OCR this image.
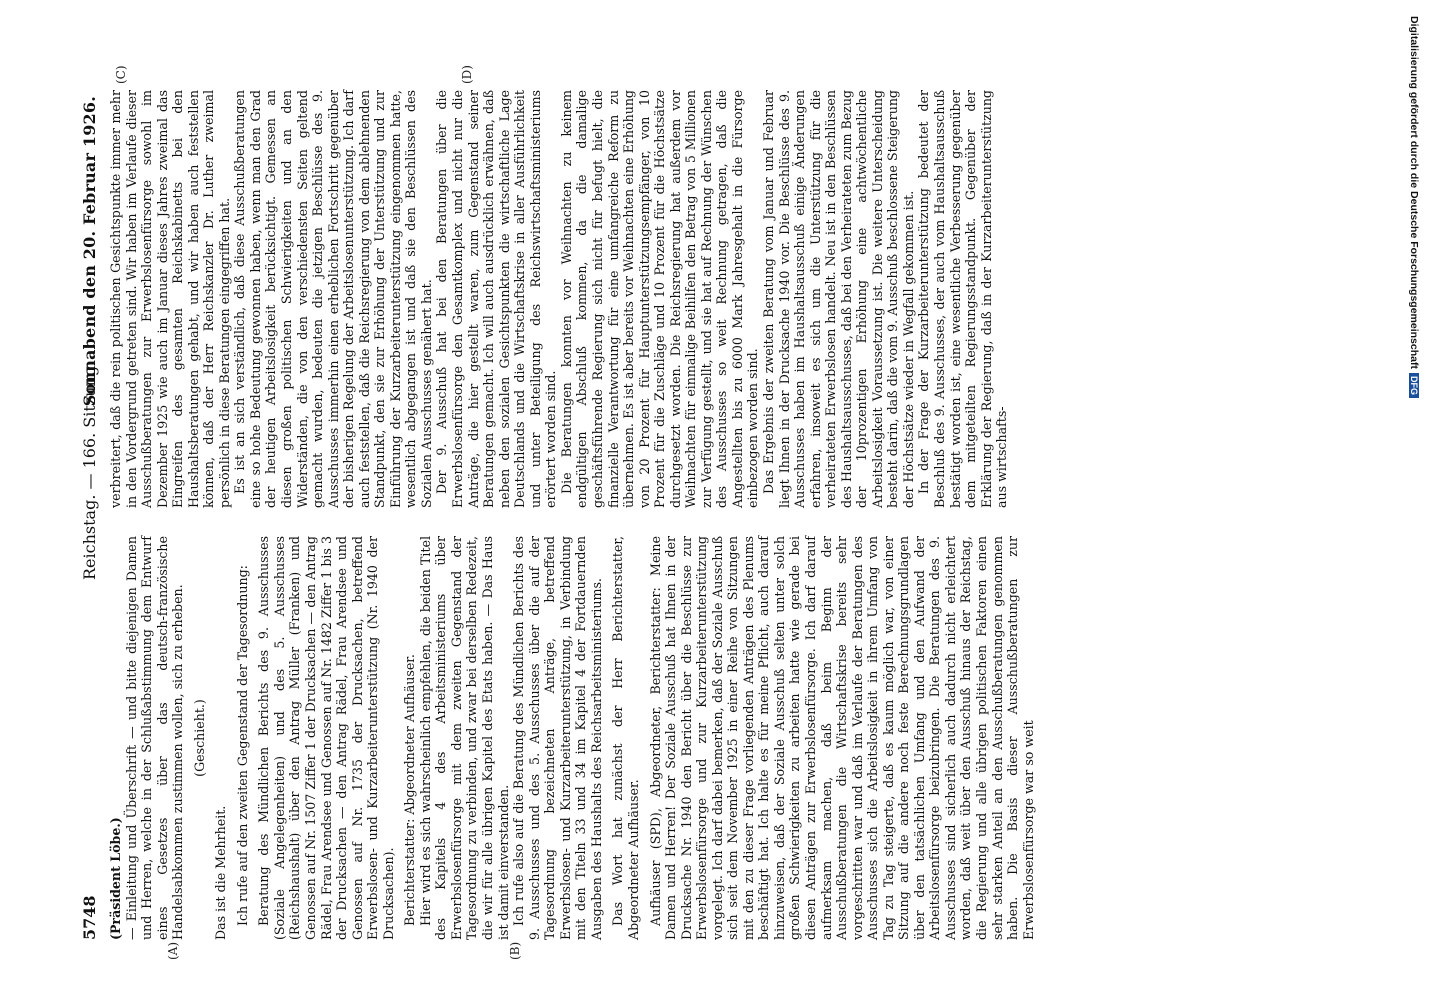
5748
Reichstag. — 166. Sitzung.
Sonnabend den 20. Februar 1926.

(Präsident Löbe.) — Einleitung und Überschrift — und bitte diejenigen Damen und Herren, welche in der Schlußabstimmung dem Entwurf eines Gesetzes über das deutsch-französische Handelsabkommen zustimmen wollen, sich zu erheben. (Geschieht.)

Das ist die Mehrheit. Ich rufe auf den zweiten Gegenstand der Tagesordnung: Beratung des Mündlichen Berichts des 9. Ausschusses (Soziale Angelegenheiten) und des 5. Ausschusses (Reichshaushalt) über den Antrag Müller (Franken) und Genossen auf Nr. 1507 Ziffer 1 der Drucksachen — den Antrag Rädel, Frau Arendsee und Genossen auf Nr. 1482 Ziffer 1 bis 3 der Drucksachen — den Antrag Rädel, Frau Arendsee und Genossen auf Nr. 1735 der Drucksachen, betreffend Erwerbslosen- und Kurzarbeiterunterstützung (Nr. 1940 der Drucksachen). Berichterstatter: Abgeordneter Aufhäuser. Hier wird es sich wahrscheinlich empfehlen, die beiden Titel des Kapitels 4 des Arbeitsministeriums über Erwerbslosenfürsorge mit dem zweiten Gegenstand der Tagesordnung zu verbinden, und zwar bei derselben Redezeit, die wir für alle übrigen Kapitel des Etats haben. — Das Haus ist damit einverstanden. Ich rufe also auf die Beratung des Mündlichen Berichts des 9. Ausschusses und des 5. Ausschusses über die auf der Tagesordnung bezeichneten Anträge, betreffend Erwerbslosen- und Kurzarbeiterunterstützung, in Verbindung mit den Titeln 33 und 34 im Kapitel 4 der Fortdauernden Ausgaben des Haushalts des Reichsarbeitsministeriums. Das Wort hat zunächst der Herr Berichterstatter, Abgeordneter Aufhäuser. Aufhäuser (SPD), Abgeordneter, Berichterstatter: Meine Damen und Herren! Der Soziale Ausschuß hat Ihnen in der Drucksache Nr. 1940 den Bericht über die Beschlüsse zur Erwerbslosenfürsorge und zur Kurzarbeiterunterstützung vorgelegt. Ich darf dabei bemerken, daß der Soziale Ausschuß sich seit dem November 1925 in einer Reihe von Sitzungen mit den zu dieser Frage vorliegenden Anträgen des Plenums beschäftigt hat. Ich halte es für meine Pflicht, auch darauf hinzuweisen, daß der Soziale Ausschuß selten unter solch großen Schwierigkeiten zu arbeiten hatte wie gerade bei diesen Anträgen zur Erwerbslosenfürsorge. Ich darf darauf aufmerksam machen, daß beim Beginn der Ausschußberatungen die Wirtschaftskrise bereits sehr vorgeschritten war und daß im Verlaufe der Beratungen des Ausschusses sich die Arbeitslosigkeit in ihrem Umfang von Tag zu Tag steigerte, daß es kaum möglich war, von einer Sitzung auf die andere noch feste Berechnungsgrundlagen über den tatsächlichen Umfang und den Aufwand der Arbeitslosenfürsorge beizubringen. Die Beratungen des 9. Ausschusses sind sicherlich auch dadurch nicht erleichtert worden, daß weit über den Ausschuß hinaus der Reichstag, die Regierung und alle übrigen politischen Faktoren einen sehr starken Anteil an den Ausschußberatungen genommen haben. Die Basis dieser Ausschußberatungen zur Erwerbslosenfürsorge war so weit

(A)	(B)

verbreitert, daß die rein politischen Gesichtspunkte immer mehr in den Vordergrund getreten sind. Wir haben im Verlaufe dieser Ausschußberatungen zur Erwerbslosenfürsorge sowohl im Dezember 1925 wie auch im Januar dieses Jahres zweimal das Eingreifen des gesamten Reichskabinetts bei den Haushaltsberatungen gehabt, und wir haben auch feststellen können, daß der Herr Reichskanzler Dr. Luther zweimal persönlich in diese Beratungen eingegriffen hat. Es ist an sich verständlich, daß diese Ausschußberatungen eine so hohe Bedeutung gewonnen haben, wenn man den Grad der heutigen Arbeitslosigkeit berücksichtigt. Gemessen an diesen großen politischen Schwierigkeiten und an den Widerständen, die von den verschiedensten Seiten geltend gemacht wurden, bedeuten die jetzigen Beschlüsse des 9. Ausschusses immerhin einen erheblichen Fortschritt gegenüber der bisherigen Regelung der Arbeitslosenunterstützung. Ich darf auch feststellen, daß die Reichsregierung von dem ablehnenden Standpunkt, den sie zur Erhöhung der Unterstützung und zur Einführung der Kurzarbeiterunterstützung eingenommen hatte, wesentlich abgegangen ist und daß sie den Beschlüssen des Sozialen Ausschusses genähert hat. Der 9. Ausschuß hat bei den Beratungen über die Erwerbslosenfürsorge den Gesamtkomplex und nicht nur die Anträge, die hier gestellt waren, zum Gegenstand seiner Beratungen gemacht. Ich will auch ausdrücklich erwähnen, daß neben den sozialen Gesichtspunkten die wirtschaftliche Lage Deutschlands und die Wirtschaftskrise in aller Ausführlichkeit und unter Beteiligung des Reichswirtschaftsministeriums erörtert worden sind. Die Beratungen konnten vor Weihnachten zu keinem endgültigen Abschluß kommen, da die damalige geschäftsführende Regierung sich nicht für befugt hielt, die finanzielle Verantwortung für eine umfangreiche Reform zu übernehmen. Es ist aber bereits vor Weihnachten eine Erhöhung von 20 Prozent für Hauptunterstützungsempfänger, von 10 Prozent für die Zuschläge und 10 Prozent für die Höchstsätze durchgesetzt worden. Die Reichsregierung hat außerdem vor Weihnachten für einmalige Beihilfen den Betrag von 5 Millionen zur Verfügung gestellt, und sie hat auf Rechnung der Wünschen des Ausschusses so weit Rechnung getragen, daß die Angestellten bis zu 6000 Mark Jahresgehalt in die Fürsorge einbezogen worden sind. Das Ergebnis der zweiten Beratung vom Januar und Februar liegt Ihnen in der Drucksache 1940 vor. Die Beschlüsse des 9. Ausschusses haben im Haushaltsausschuß einige Änderungen erfahren, insoweit es sich um die Unterstützung für die verheirateten Erwerbslosen handelt. Neu ist in den Beschlüssen des Haushaltsausschusses, daß bei den Verheirateten zum Bezug der 10prozentigen Erhöhung eine achtwöchentliche Arbeitslosigkeit Voraussetzung ist. Die weitere Unterscheidung besteht darin, daß die vom 9. Ausschuß beschlossene Steigerung der Höchstsätze wieder in Wegfall gekommen ist. In der Frage der Kurzarbeiterunterstützung bedeutet der Beschluß des 9. Ausschusses, der auch vom Haushaltsausschuß bestätigt worden ist, eine wesentliche Verbesserung gegenüber dem mitgeteilten Regierungsstandpunkt. Gegenüber der Erklärung der Regierung, daß in der Kurzarbeiterunterstützung aus wirtschafts-

(C)	(D)	Digitalisierung gefördert durch die Deutsche ForschungsgemeinschaftDFG
